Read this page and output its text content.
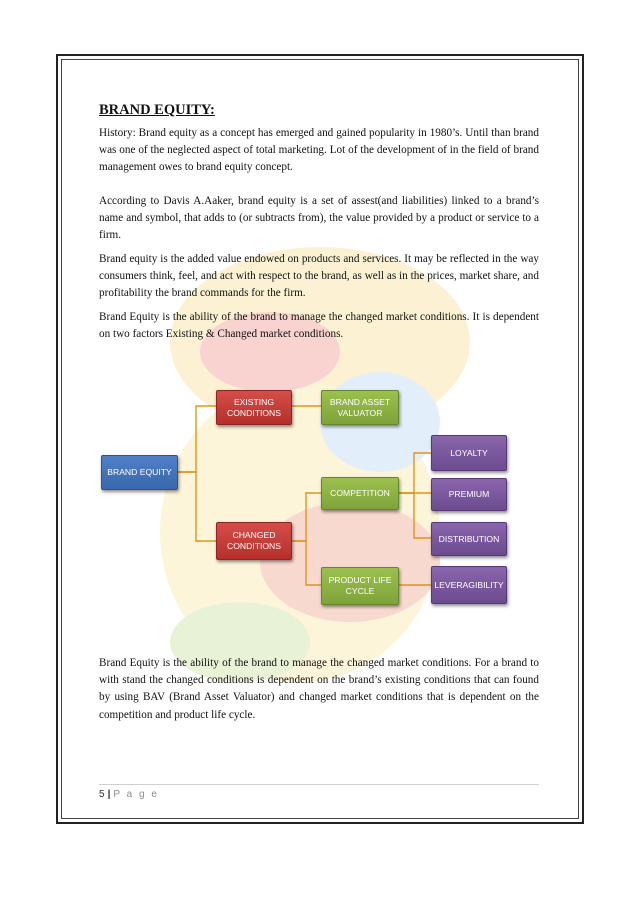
BRAND EQUITY:

History: Brand equity as a concept has emerged and gained popularity in 1980’s. Until than brand was one of the neglected aspect of total marketing. Lot of the development of in the field of brand management owes to brand equity concept.

According to Davis A.Aaker, brand equity is a set of assest(and liabilities) linked to a brand’s name and symbol, that adds to (or subtracts from), the value provided by a product or service to a firm.

Brand equity is the added value endowed on products and services. It may be reflected in the way consumers think, feel, and act with respect to the brand, as well as in the prices, market share, and profitability the brand commands for the firm.

Brand Equity is the ability of the brand to manage the changed market conditions. It is dependent on two factors Existing & Changed market conditions.

BRAND EQUITY
EXISTING CONDITIONS
BRAND ASSET VALUATOR
CHANGED CONDITIONS
COMPETITION
PRODUCT LIFE CYCLE
LOYALTY
PREMIUM
DISTRIBUTION
LEVERAGIBILITY

Brand Equity is the ability of the brand to manage the changed market conditions. For a brand to with stand the changed conditions is dependent on the brand’s existing conditions that can found by using BAV (Brand Asset Valuator) and changed market conditions that is dependent on the competition and product life cycle.

5 | P a g e
